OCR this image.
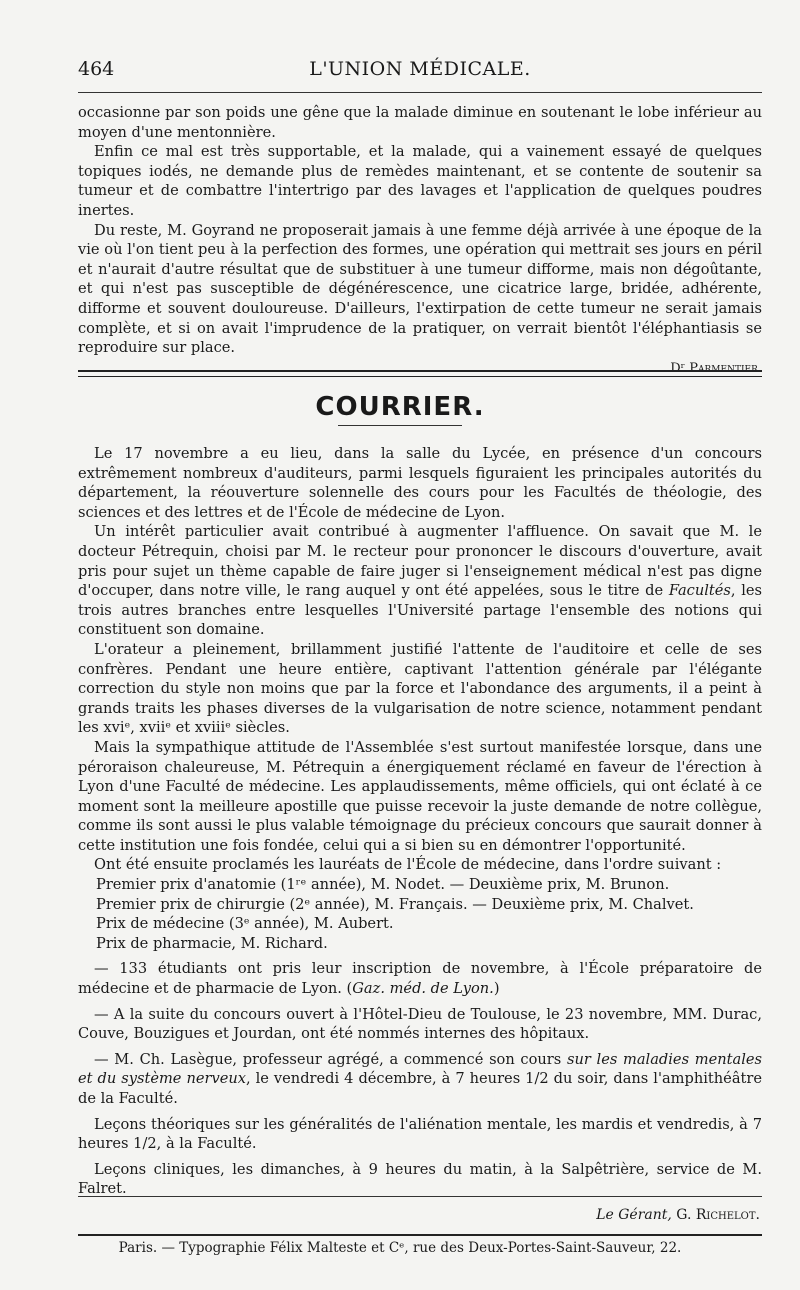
464	L'UNION MÉDICALE.

occasionne par son poids une gêne que la malade diminue en soutenant le lobe inférieur au moyen d'une mentonnière.

Enfin ce mal est très supportable, et la malade, qui a vainement essayé de quelques topiques iodés, ne demande plus de remèdes maintenant, et se contente de soutenir sa tumeur et de combattre l'intertrigo par des lavages et l'application de quelques poudres inertes.

Du reste, M. Goyrand ne proposerait jamais à une femme déjà arrivée à une époque de la vie où l'on tient peu à la perfection des formes, une opération qui mettrait ses jours en péril et n'aurait d'autre résultat que de substituer à une tumeur difforme, mais non dégoûtante, et qui n'est pas susceptible de dégénérescence, une cicatrice large, bridée, adhérente, difforme et souvent douloureuse. D'ailleurs, l'extirpation de cette tumeur ne serait jamais complète, et si on avait l'imprudence de la pratiquer, on verrait bientôt l'éléphantiasis se reproduire sur place.

Dʳ Parmentier.
COURRIER.

Le 17 novembre a eu lieu, dans la salle du Lycée, en présence d'un concours extrêmement nombreux d'auditeurs, parmi lesquels figuraient les principales autorités du département, la réouverture solennelle des cours pour les Facultés de théologie, des sciences et des lettres et de l'École de médecine de Lyon.

Un intérêt particulier avait contribué à augmenter l'affluence. On savait que M. le docteur Pétrequin, choisi par M. le recteur pour prononcer le discours d'ouverture, avait pris pour sujet un thème capable de faire juger si l'enseignement médical n'est pas digne d'occuper, dans notre ville, le rang auquel y ont été appelées, sous le titre de Facultés, les trois autres branches entre lesquelles l'Université partage l'ensemble des notions qui constituent son domaine.

L'orateur a pleinement, brillamment justifié l'attente de l'auditoire et celle de ses confrères. Pendant une heure entière, captivant l'attention générale par l'élégante correction du style non moins que par la force et l'abondance des arguments, il a peint à grands traits les phases diverses de la vulgarisation de notre science, notamment pendant les xviᵉ, xviiᵉ et xviiiᵉ siècles.

Mais la sympathique attitude de l'Assemblée s'est surtout manifestée lorsque, dans une péroraison chaleureuse, M. Pétrequin a énergiquement réclamé en faveur de l'érection à Lyon d'une Faculté de médecine. Les applaudissements, même officiels, qui ont éclaté à ce moment sont la meilleure apostille que puisse recevoir la juste demande de notre collègue, comme ils sont aussi le plus valable témoignage du précieux concours que saurait donner à cette institution une fois fondée, celui qui a si bien su en démontrer l'opportunité.

Ont été ensuite proclamés les lauréats de l'École de médecine, dans l'ordre suivant :

Premier prix d'anatomie (1ʳᵉ année), M. Nodet. — Deuxième prix, M. Brunon.

Premier prix de chirurgie (2ᵉ année), M. Français. — Deuxième prix, M. Chalvet.

Prix de médecine (3ᵉ année), M. Aubert.

Prix de pharmacie, M. Richard.

— 133 étudiants ont pris leur inscription de novembre, à l'École préparatoire de médecine et de pharmacie de Lyon. (Gaz. méd. de Lyon.)

— A la suite du concours ouvert à l'Hôtel-Dieu de Toulouse, le 23 novembre, MM. Durac, Couve, Bouzigues et Jourdan, ont été nommés internes des hôpitaux.

— M. Ch. Lasègue, professeur agrégé, a commencé son cours sur les maladies mentales et du système nerveux, le vendredi 4 décembre, à 7 heures 1/2 du soir, dans l'amphithéâtre de la Faculté.

Leçons théoriques sur les généralités de l'aliénation mentale, les mardis et vendredis, à 7 heures 1/2, à la Faculté.

Leçons cliniques, les dimanches, à 9 heures du matin, à la Salpêtrière, service de M. Falret.

Le Gérant, G. Richelot.
Paris. — Typographie Félix Malteste et Cᵉ, rue des Deux-Portes-Saint-Sauveur, 22.
